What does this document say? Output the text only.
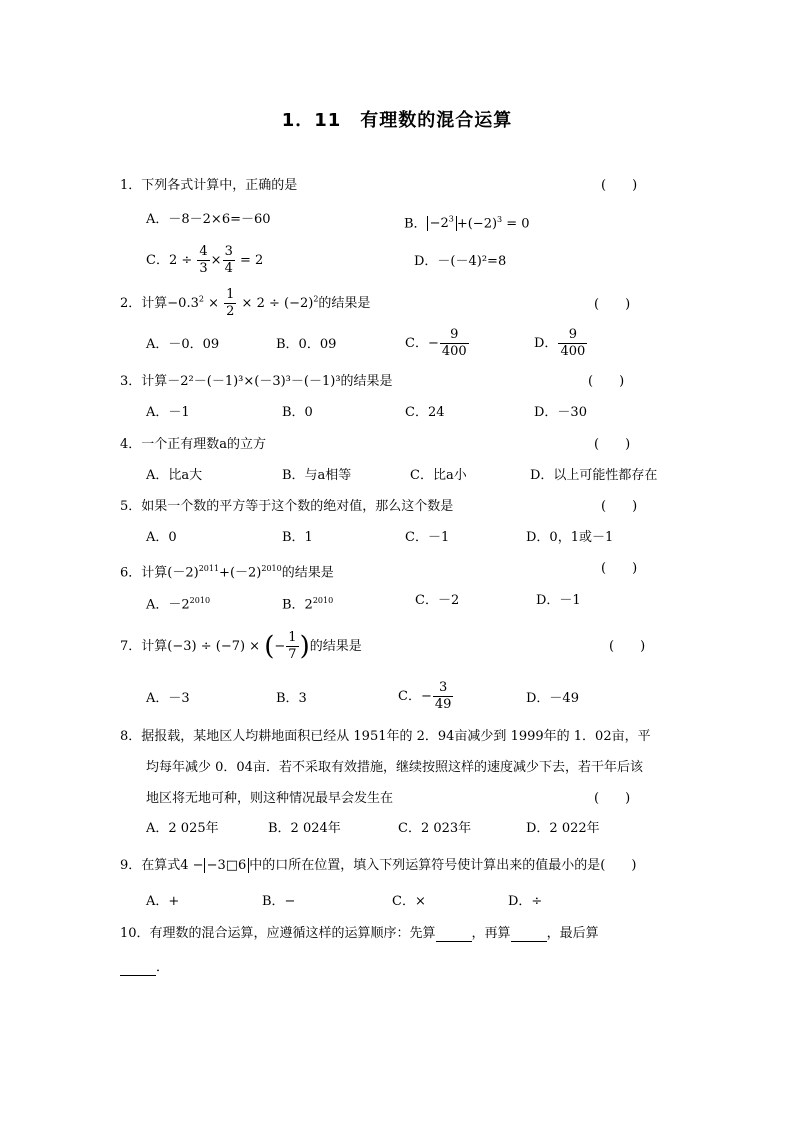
1．11　有理数的混合运算
1．下列各式计算中，正确的是	(　　)
A．－8－2×6=－60	B． $-2^3 +(-2)^3 = 0$
C．$2 \div \frac{4}{3} \times \frac{3}{4} = 2$	D．－(－4)²=8
2．计算$-0.3^2 \times \frac{1}{2} \times 2 \div (-2)^2$的结果是	(　　)
A．－0．09	B．0．09	C．− $\frac{9}{400}$	D． $\frac{9}{400}$
3．计算－2²－(－1)³×(－3)³－(－1)³的结果是	(　　)
A．－1	B．0	C．24	D．－30
4．一个正有理数a的立方	(　　)
A．比a大	B．与a相等	C．比a小	D．以上可能性都存在
5．如果一个数的平方等于这个数的绝对值，那么这个数是	(　　)
A．0	B．1	C．－1	D．0，1或－1
6．计算$(-2)^{2011}+(-2)^{2010}$的结果是	(　　)
A．$-2^{2010}$	B．$2^{2010}$	C．－2	D．－1
7．计算(−3) ÷ (−7) × (− $\frac{1}{7}$ )的结果是	(　　)
A．－3	B．3	C．− $\frac{3}{49}$	D．－49
8．据报载，某地区人均耕地面积已经从 1951年的 2．94亩减少到 1999年的 1．02亩，平
均每年减少 0．04亩．若不采取有效措施，继续按照这样的速度减少下去，若干年后该
地区将无地可种，则这种情况最早会发生在	(　　)
A．2 025年	B．2 024年	C．2 023年	D．2 022年
9．在算式4 − −3□6 中的口所在位置，填入下列运算符号使计算出来的值最小的是(　　)
A．+	B．−	C．×	D．÷
10．有理数的混合运算，应遵循这样的运算顺序：先算	，再算	，最后算
．
